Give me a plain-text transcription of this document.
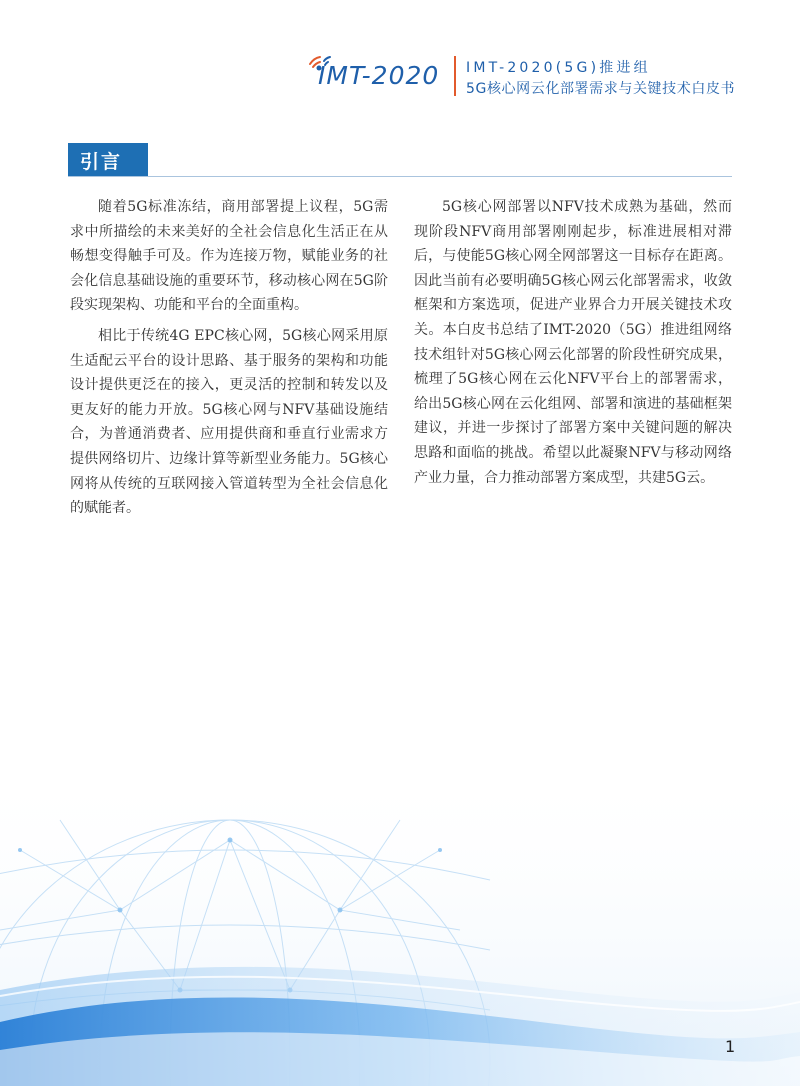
IMT-2020 IMT-2020(5G)推进组
5G核心网云化部署需求与关键技术白皮书
引言

随着5G标准冻结，商用部署提上议程，5G需求中所描绘的未来美好的全社会信息化生活正在从畅想变得触手可及。作为连接万物，赋能业务的社会化信息基础设施的重要环节，移动核心网在5G阶段实现架构、功能和平台的全面重构。

相比于传统4G EPC核心网，5G核心网采用原生适配云平台的设计思路、基于服务的架构和功能设计提供更泛在的接入，更灵活的控制和转发以及更友好的能力开放。5G核心网与NFV基础设施结合，为普通消费者、应用提供商和垂直行业需求方提供网络切片、边缘计算等新型业务能力。5G核心网将从传统的互联网接入管道转型为全社会信息化的赋能者。

5G核心网部署以NFV技术成熟为基础，然而现阶段NFV商用部署刚刚起步，标准进展相对滞后，与使能5G核心网全网部署这一目标存在距离。因此当前有必要明确5G核心网云化部署需求，收敛框架和方案选项，促进产业界合力开展关键技术攻关。本白皮书总结了IMT-2020（5G）推进组网络技术组针对5G核心网云化部署的阶段性研究成果，梳理了5G核心网在云化NFV平台上的部署需求，给出5G核心网在云化组网、部署和演进的基础框架建议，并进一步探讨了部署方案中关键问题的解决思路和面临的挑战。希望以此凝聚NFV与移动网络产业力量，合力推动部署方案成型，共建5G云。

1
